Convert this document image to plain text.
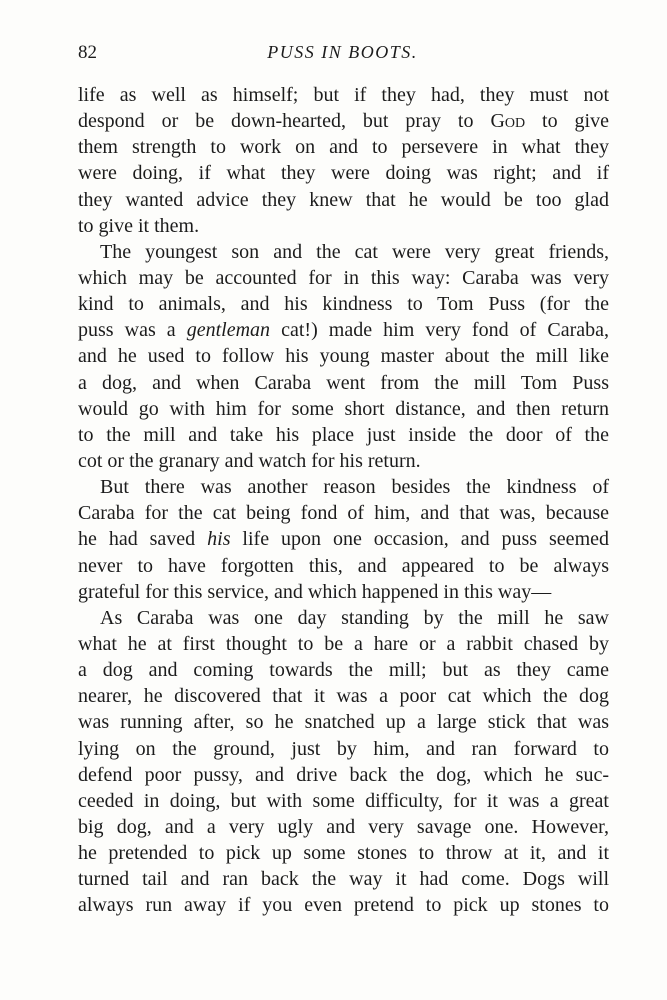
82	PUSS IN BOOTS.
life as well as himself; but if they had, they must not
despond or be down-hearted, but pray to God to give
them strength to work on and to persevere in what they
were doing, if what they were doing was right; and if
they wanted advice they knew that he would be too glad
to give it them.
The youngest son and the cat were very great friends,
which may be accounted for in this way: Caraba was very
kind to animals, and his kindness to Tom Puss (for the
puss was a gentleman cat!) made him very fond of Caraba,
and he used to follow his young master about the mill like
a dog, and when Caraba went from the mill Tom Puss
would go with him for some short distance, and then return
to the mill and take his place just inside the door of the
cot or the granary and watch for his return.
But there was another reason besides the kindness of
Caraba for the cat being fond of him, and that was, because
he had saved his life upon one occasion, and puss seemed
never to have forgotten this, and appeared to be always
grateful for this service, and which happened in this way—
As Caraba was one day standing by the mill he saw
what he at first thought to be a hare or a rabbit chased by
a dog and coming towards the mill; but as they came
nearer, he discovered that it was a poor cat which the dog
was running after, so he snatched up a large stick that was
lying on the ground, just by him, and ran forward to
defend poor pussy, and drive back the dog, which he suc-
ceeded in doing, but with some difficulty, for it was a great
big dog, and a very ugly and very savage one. However,
he pretended to pick up some stones to throw at it, and it
turned tail and ran back the way it had come. Dogs will
always run away if you even pretend to pick up stones to
